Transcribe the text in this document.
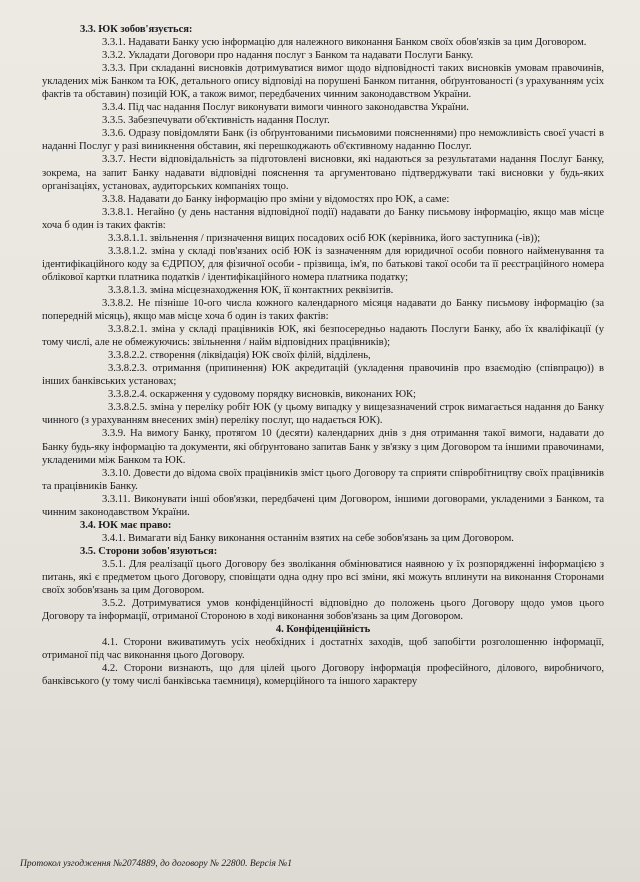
3.3. ЮК зобов'язується:

3.3.1. Надавати Банку усю інформацію для належного виконання Банком своїх обов'язків за цим Договором.

3.3.2. Укладати Договори про надання послуг з Банком та надавати Послуги Банку.

3.3.3. При складанні висновків дотримуватися вимог щодо відповідності таких висновків умовам правочинів, укладених між Банком та ЮК, детального опису відповіді на порушені Банком питання, обґрунтованості (з урахуванням усіх фактів та обставин) позицій ЮК, а також вимог, передбачених чинним законодавством України.

3.3.4. Під час надання Послуг виконувати вимоги чинного законодавства України.

3.3.5. Забезпечувати об'єктивність надання Послуг.

3.3.6. Одразу повідомляти Банк (із обґрунтованими письмовими поясненнями) про неможливість своєї участі в наданні Послуг у разі виникнення обставин, які перешкоджають об'єктивному наданню Послуг.

3.3.7. Нести відповідальність за підготовлені висновки, які надаються за результатами надання Послуг Банку, зокрема, на запит Банку надавати відповідні пояснення та аргументовано підтверджувати такі висновки у будь-яких організаціях, установах, аудиторських компаніях тощо.

3.3.8. Надавати до Банку інформацію про зміни у відомостях про ЮК, а саме:

3.3.8.1. Негайно (у день настання відповідної події) надавати до Банку письмову інформацію, якщо мав місце хоча б один із таких фактів:

3.3.8.1.1. звільнення / призначення вищих посадових осіб ЮК (керівника, його заступника (-ів));

3.3.8.1.2. зміна у складі пов'язаних осіб ЮК із зазначенням для юридичної особи повного найменування та ідентифікаційного коду за ЄДРПОУ, для фізичної особи - прізвища, ім'я, по батькові такої особи та її реєстраційного номера облікової картки платника податків / ідентифікаційного номера платника податку;

3.3.8.1.3. зміна місцезнаходження ЮК, її контактних реквізитів.

3.3.8.2. Не пізніше 10-ого числа кожного календарного місяця надавати до Банку письмову інформацію (за попередній місяць), якщо мав місце хоча б один із таких фактів:

3.3.8.2.1. зміна у складі працівників ЮК, які безпосередньо надають Послуги Банку, або їх кваліфікації (у тому числі, але не обмежуючись: звільнення / найм відповідних працівників);

3.3.8.2.2. створення (ліквідація) ЮК своїх філій, відділень,

3.3.8.2.3. отримання (припинення) ЮК акредитацій (укладення правочинів про взаємодію (співпрацю)) в інших банківських установах;

3.3.8.2.4. оскарження у судовому порядку висновків, виконаних ЮК;

3.3.8.2.5. зміна у переліку робіт ЮК (у цьому випадку у вищезазначений строк вимагається надання до Банку чинного (з урахуванням внесених змін) переліку послуг, що надається ЮК).

3.3.9. На вимогу Банку, протягом 10 (десяти) календарних днів з дня отримання такої вимоги, надавати до Банку будь-яку інформацію та документи, які обґрунтовано запитав Банк у зв'язку з цим Договором та іншими правочинами, укладеними між Банком та ЮК.

3.3.10. Довести до відома своїх працівників зміст цього Договору та сприяти співробітництву своїх працівників та працівників Банку.

3.3.11. Виконувати інші обов'язки, передбачені цим Договором, іншими договорами, укладеними з Банком, та чинним законодавством України.

3.4. ЮК має право:

3.4.1. Вимагати від Банку виконання останнім взятих на себе зобов'язань за цим Договором.

3.5. Сторони зобов'язуються:

3.5.1. Для реалізації цього Договору без зволікання обмінюватися наявною у їх розпорядженні інформацією з питань, які є предметом цього Договору, сповіщати одна одну про всі зміни, які можуть вплинути на виконання Сторонами своїх зобов'язань за цим Договором.

3.5.2. Дотримуватися умов конфіденційності відповідно до положень цього Договору щодо умов цього Договору та інформації, отриманої Стороною в ході виконання зобов'язань за цим Договором.

4. Конфіденційність

4.1. Сторони вживатимуть усіх необхідних і достатніх заходів, щоб запобігти розголошенню інформації, отриманої під час виконання цього Договору.

4.2. Сторони визнають, що для цілей цього Договору інформація професійного, ділового, виробничого, банківського (у тому числі банківська таємниця), комерційного та іншого характеру

Протокол узгодження №2074889, до договору № 22800. Версія №1
